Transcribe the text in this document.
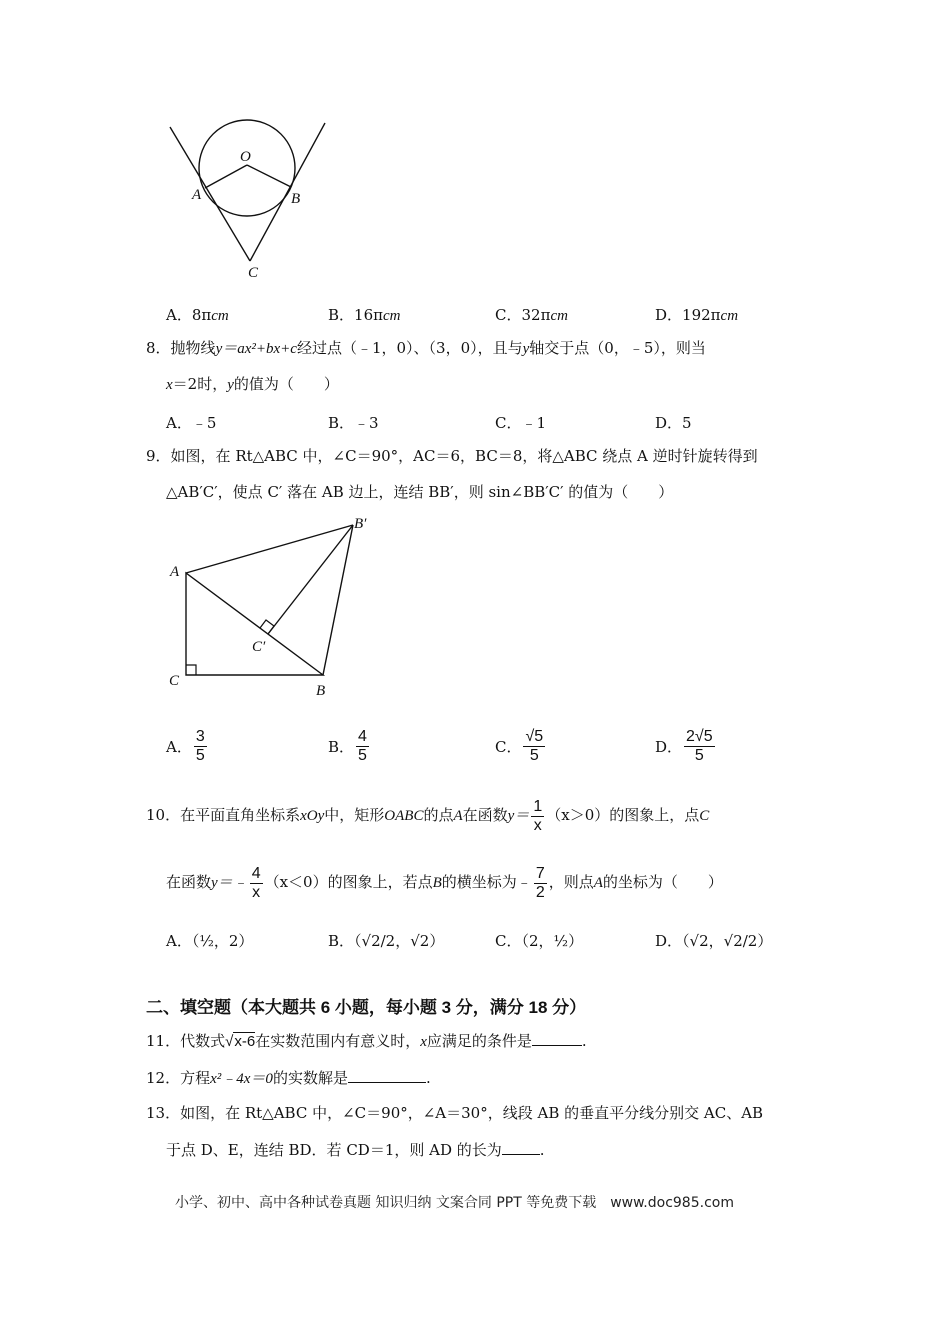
O
A	B
C
A．8πcm	B．16πcm	C．32πcm	D．192πcm
8．抛物线y＝ax²+bx+c经过点（﹣1，0）、（3，0），且与y轴交于点（0，﹣5），则当
x＝2时，y的值为（　　）
A．﹣5	B．﹣3	C．﹣1	D．5
9．如图，在 Rt△ABC 中，∠C＝90°，AC＝6，BC＝8，将△ABC 绕点 A 逆时针旋转得到
△AB′C′，使点 C′ 落在 AB 边上，连结 BB′，则 sin∠BB′C′ 的值为（　　）
A
B′
C′
C
B
A． $\frac{3}{5}$	B． $\frac{4}{5}$	C． $\frac{√5}{5}$	D． $\frac{2√5}{5}$
10．在平面直角坐标系xOy中，矩形OABC的点A在函数$y= \frac{1}{x} (x>0)$的图象上，点C
在函数y＝﹣ $\frac{4}{x} (x<0)$的图象上，若点B的横坐标为﹣ $\frac{7}{2}$ ，则点A的坐标为（　　）
A．（½，2）	B．（√2/2，√2）	C．（2，½）	D．（√2，√2/2）
二、填空题（本大题共 6 小题，每小题 3 分，满分 18 分）
11．代数式√x-6在实数范围内有意义时，x应满足的条件是	.
12．方程x²﹣4x＝0的实数解是	.
13．如图，在 Rt△ABC 中，∠C＝90°，∠A＝30°，线段 AB 的垂直平分线分别交 AC、AB
于点 D、E，连结 BD．若 CD＝1，则 AD 的长为	.
小学、初中、高中各种试卷真题 知识归纳 文案合同 PPT 等免费下载　www.doc985.com
